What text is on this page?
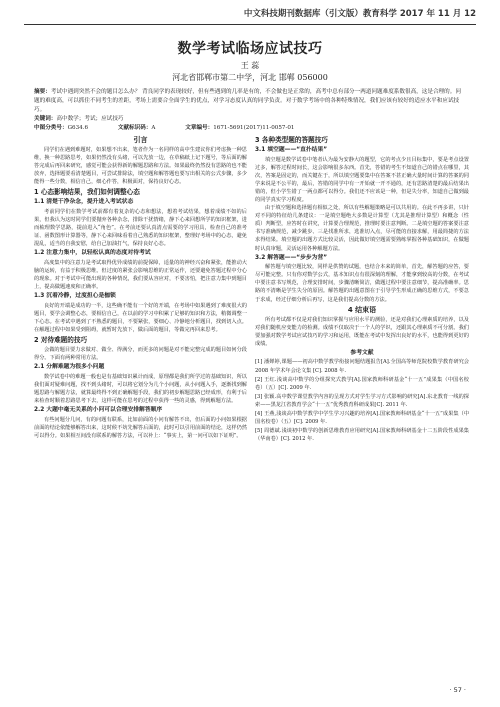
中文科技期刊数据库（引文版）教育科学 2017 年 11 月 12
数学考试临场应试技巧
王 蕊
河北省邯郸市第二中学，河北 邯郸 056000
摘要：考试中遇到突然不会的题目怎么办？ 背良同学的表现较好，但有些遇到的几率是有的，不会做也是正常的，高考中总有部分一两道问题难度系数很高，这是合理的。问题的难度高，可以抓住不同考生的差距，考场上需要合全面学生的优点，对学习态度认真的同学负责。对于数学考场中的各种特殊情况，我们应该有较好的适应水平和应试技巧。
关键词：高中数学；考试；应试技巧
中图分类号：G634.6	文献标识码：A	文章编号：1671-5691(2017)11-0057-01
引言

同学们在遇到难题时，如果想不出来，笔者作为一名同样的高中生建议你们考虑换一种思维，换一种思路思考，如果仍然没有头绪，可以先放一边，在草稿纸上记下题号，等后面的解答完成后再回来研究，感觉可能会获得新的解题思路和方法。如果最终仍然没有思路的也不能放弃，选择题要看清楚题目，可尝试排除法，填空题和解答题也要写出相关的公式步骤，多少能得一些分数，相信自己，细心作答，积极面对，保持良好心态。

1 心态影响结果，我们如何调整心态
1.1 清楚干净杂念，提升进入考试状态

考前同学们在数学考试前都有着复杂的心态和想法，想着考试结果，想着成绩不如的后果，但我认为这时同学们要抛弃各种杂念，排除干扰情绪，静下心来回想所学的知识框架，进而梳理数学思路，提前进入“角色”。在考前还要认真清点需要的学习用具，检查自己的准考证、函数图形计算器等，静下心来回味看着自己熟悉的知识框架，整理好考场中的心态，避免混乱，适当的自我安慰，给自己加油打气，保持良好心态。

1.2 注意力集中，以轻松认真的态度对待考试

高度集中的注意力是考试取得优异成绩的前提保障，适量的的神经兴奋和紧张，能推动大脑的运转，有益于积极思维。但过度的紧张会影响思维的正常运作，还要避免答题过程中分心的现象。对于考试中可能出现的各种情况，我们要从容应对，不要害怕，把注意力集中到题目上，提高做题速度和正确率。

1.3 沉着冷静，过度担心是枷锁

良好的开端是成功的一半，这些确不能有一个好的开端，在考场中如果遇到了难度很大的题目，要学会调整心态，要相信自己，在以前的学习中积累了足够的知识和方法，稍微调整一下心态。在考试中遇到了不熟悉的题目，不要紧张，要细心、冷静地分析题目，找到切入点。在解题过程中如果受到阻碍，就暂时先放下，做后面的题目，等做完再回来思考。

2 对待难题的技巧

会做的题目要力求做对、做全、得满分，而更多的问题是对不能完整完成的题目如何分段得分。下面有两种常用方法。

2.1 分解难题为很多小问题

数学试卷中的难题一般也是有基础知识累计而成，原理都是我们所学过的基础知识，所以我们面对疑难问题，找不到头绪时，可以将它划分为几个小问题，从小问题入手，逐渐找到解题思路与解题方法，就算最终得不到正确解题手段，我们的初步解题思路已经成形，有利于后来检查时顺着思路思考下去，这样可能在思考的过程中获得一些的灵感，得到解题方法。

2.2 大题中毫无关系的小问可以合理安排解答顺序

有些问题分几问，有的问题有联系，比如前面的小问有解答不出，但后面的小问如果根据前面的结论依能够解答出来，这时候不妨先解答后面的，此时可以引用前面的结论，这样仍然可以得分。如果相互间没有联系的解答方法，可以补上：“事实上，第一问可以如下证明”。

3 各种类型题的答题技巧
3.1 填空题——“直扑结果”

填空题是数学试卷中笔者认为最为安静大的题型，它的考点少且目标集中，要是考点设置过多，解答过程时间长，这会影响很多东西。首先，答错的考生不知道自己的错点在哪里，其次，答案是固定的，而关键在于，所以填空题要集中在答案不甚正确大量时间计算的答案的同学来说是不公平的，最后，答错的同学中有一开始就一开不通的，还有思路清楚的最后结果出错的，但小学生错了一两点都可以得分。我们还不应该是一种，但是失分率，知道自己做到最的同学真实学习程度。

由于填空题和选择题有相似之处，所以有些解题策略是可以共用的。在此不再多讲，只针对不同的特征给几条建议：一是填空题绝大多数是计算型（尤其是推理计算型）和概念（性质）判断型，应答时在讲究，计算要合理规范，推理时要注意判断。二是填空题的答案要注意书写准确规范，减少跳步、三是找准所求，选准切入点，尽可能的直接求解，用最简捷的方法求得结果。填空题的出题方式比较灵活，因此做好填空题需要熟练掌握各种基础知识，在做题时认真审题，灵活运用各种解题方法。

3.2 解答题——“步步为营”

解答题与填空题比较，同样是供赞的试题，也结合本来的简单，首先，解答题的应答，要尽可能完整。只有你对数学公式，基本知识点有很深刻的理解，才能拿到较高的分数，在考试中要注意书写规范，合理安排时间，步骤清晰简洁，做题过程中要注意细节，提高准确率。思路的不清晰是学生失分的原因。解答题的出题意图在于引导学生形成正确的思维方式，不要急于求成，经过仔细分析后再写，这是我们提高分数的方法。

4 结束语

所有考试都不仅是对我们知识掌握与应用水平的测验，还是对我们心理素质的培养，以及对我们随机应变能力的检测。成绩不仅取决于一个人的学识，还跟其心理素质不可分割。我们要加强对数学考试应试技巧的学习和运用，既能在考试中发挥出良好的水平，也能得到更好的成绩。

参考文献

[1] 潘婵婷,课题——初高中数学教学衔接问题结题报告[A].全国高等师范院校数学教育研究会 2008 年学术年会论文集 [C]. 2008 年.

[2] 王红.浅谈高中数学的分组探究式教学[A].国家教师科研基金“十一五”成果集（中国名校卷）（五）[C]. 2009 年.

[3] 张颖.高中数学课堂教学内容的呈现方式对学生学习方式影响的研究[A].东北教育一线的探索——黑龙江省教育学会“十一五”优秀教育科研成果[C]. 2011 年.

[4] 王燕,浅谈高中数学教学中学生学习兴趣的培养[A].国家教师科研基金“十一五”成果集（中国名校卷）（五）[C]. 2009 年.

[5] 周德斌.浅谈初中数学的创新思维教育应用研究[A].国家教师科研基金十二五阶段性成果集（华南卷）[C]. 2012 年.

· 57 ·
